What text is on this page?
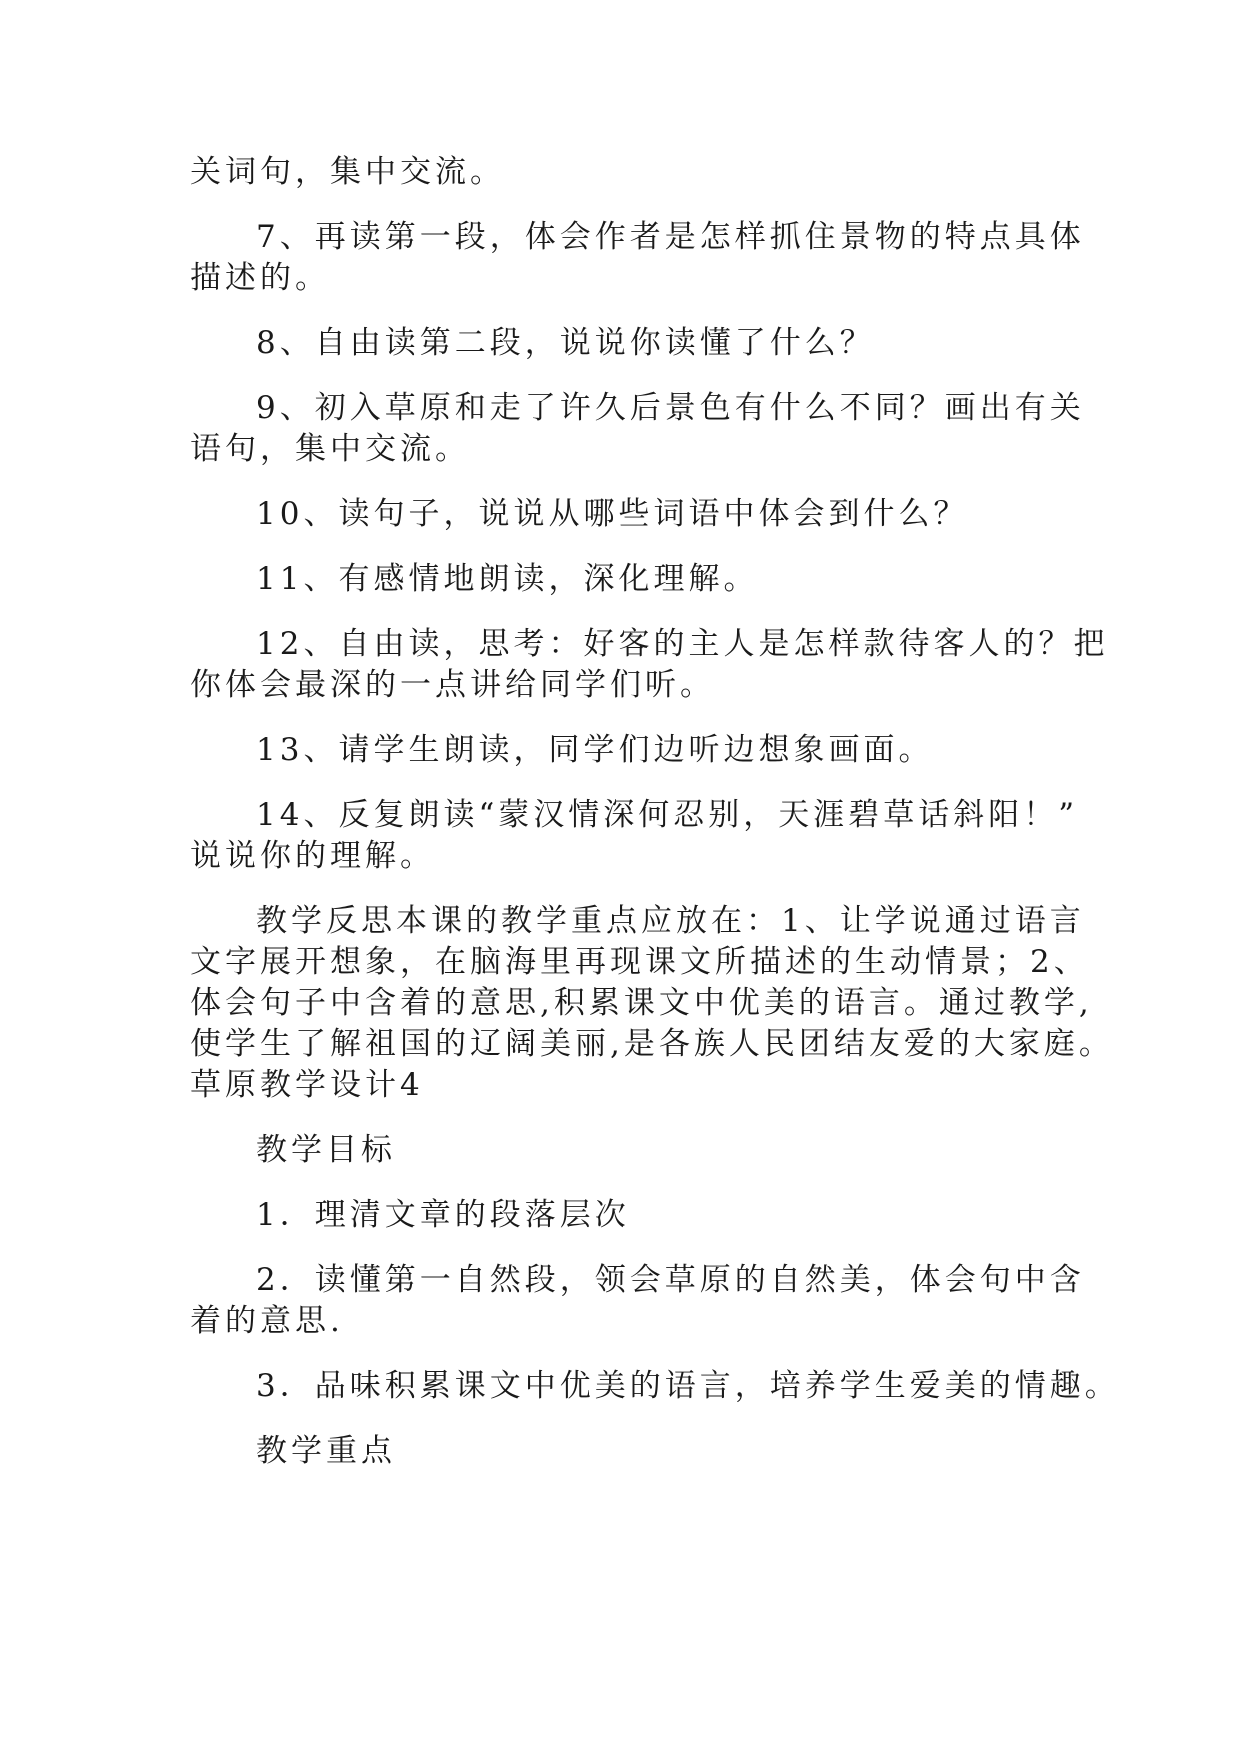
关词句，集中交流。

7、再读第一段，体会作者是怎样抓住景物的特点具体

描述的。

8、自由读第二段，说说你读懂了什么？

9、初入草原和走了许久后景色有什么不同？画出有关

语句，集中交流。

10、读句子，说说从哪些词语中体会到什么？

11、有感情地朗读，深化理解。

12、自由读，思考：好客的主人是怎样款待客人的？把

你体会最深的一点讲给同学们听。

13、请学生朗读，同学们边听边想象画面。

14、反复朗读“蒙汉情深何忍别，天涯碧草话斜阳！”

说说你的理解。

教学反思本课的教学重点应放在：1、让学说通过语言

文字展开想象，在脑海里再现课文所描述的生动情景；2、

体会句子中含着的意思,积累课文中优美的语言。通过教学,

使学生了解祖国的辽阔美丽,是各族人民团结友爱的大家庭。

草原教学设计4

教学目标

1．理清文章的段落层次

2．读懂第一自然段，领会草原的自然美，体会句中含

着的意思.

3．品味积累课文中优美的语言，培养学生爱美的情趣。

教学重点
